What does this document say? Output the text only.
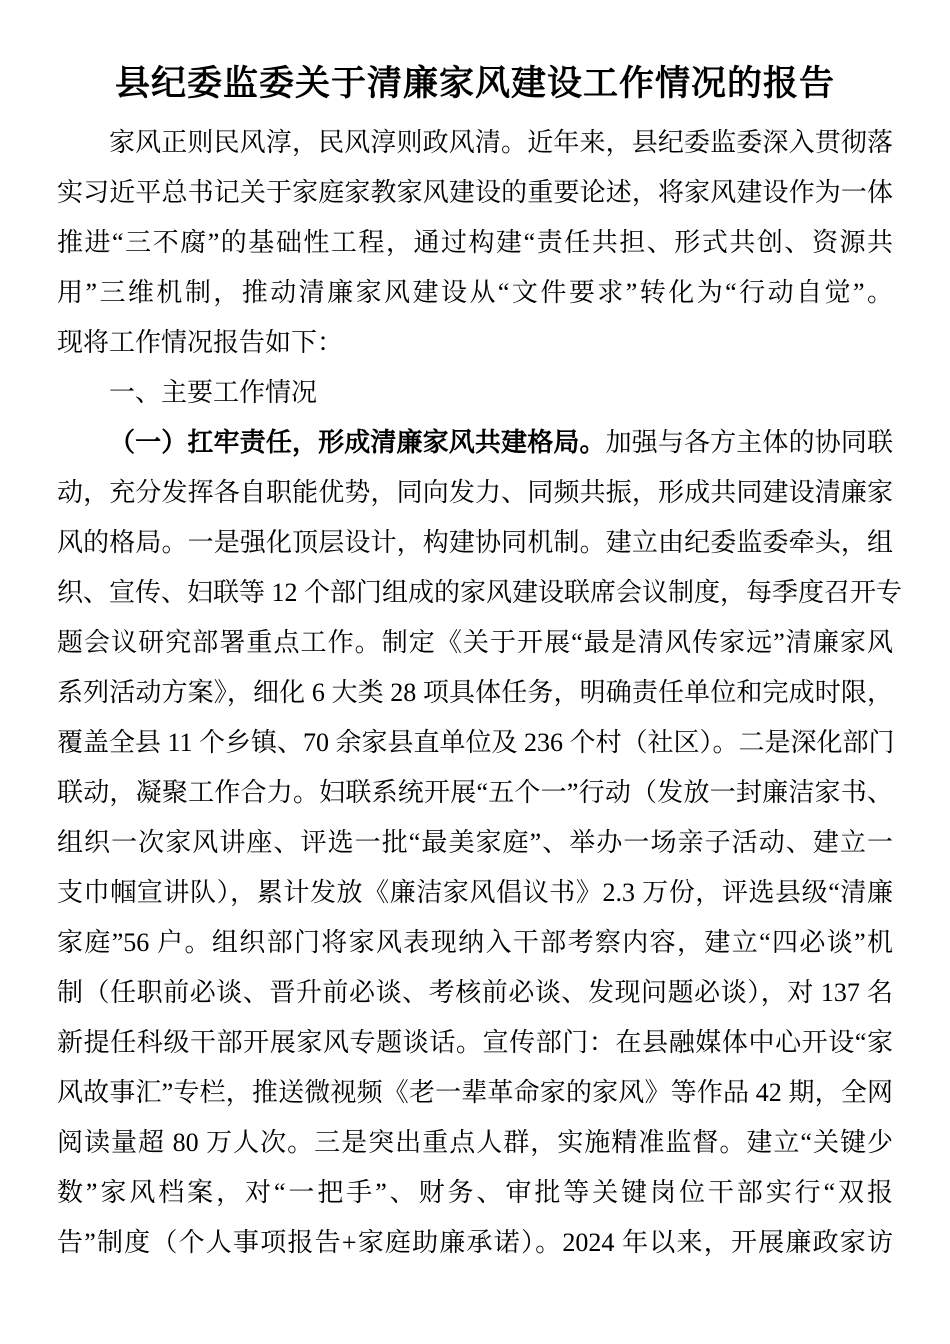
县纪委监委关于清廉家风建设工作情况的报告
家风正则民风淳，民风淳则政风清。近年来，县纪委监委深入贯彻落
实习近平总书记关于家庭家教家风建设的重要论述，将家风建设作为一体
推进“三不腐”的基础性工程，通过构建“责任共担、形式共创、资源共
用”三维机制，推动清廉家风建设从“文件要求”转化为“行动自觉”。
现将工作情况报告如下：
一、主要工作情况
（一）扛牢责任，形成清廉家风共建格局。加强与各方主体的协同联
动，充分发挥各自职能优势，同向发力、同频共振，形成共同建设清廉家
风的格局。一是强化顶层设计，构建协同机制。建立由纪委监委牵头，组
织、宣传、妇联等 12 个部门组成的家风建设联席会议制度，每季度召开专
题会议研究部署重点工作。制定《关于开展“最是清风传家远”清廉家风
系列活动方案》，细化 6 大类 28 项具体任务，明确责任单位和完成时限，
覆盖全县 11 个乡镇、70 余家县直单位及 236 个村（社区）。二是深化部门
联动，凝聚工作合力。妇联系统开展“五个一”行动（发放一封廉洁家书、
组织一次家风讲座、评选一批“最美家庭”、举办一场亲子活动、建立一
支巾帼宣讲队），累计发放《廉洁家风倡议书》2.3 万份，评选县级“清廉
家庭”56 户。组织部门将家风表现纳入干部考察内容，建立“四必谈”机
制（任职前必谈、晋升前必谈、考核前必谈、发现问题必谈），对 137 名
新提任科级干部开展家风专题谈话。宣传部门：在县融媒体中心开设“家
风故事汇”专栏，推送微视频《老一辈革命家的家风》等作品 42 期，全网
阅读量超 80 万人次。三是突出重点人群，实施精准监督。建立“关键少
数”家风档案，对“一把手”、财务、审批等关键岗位干部实行“双报
告”制度（个人事项报告+家庭助廉承诺）。2024 年以来，开展廉政家访
